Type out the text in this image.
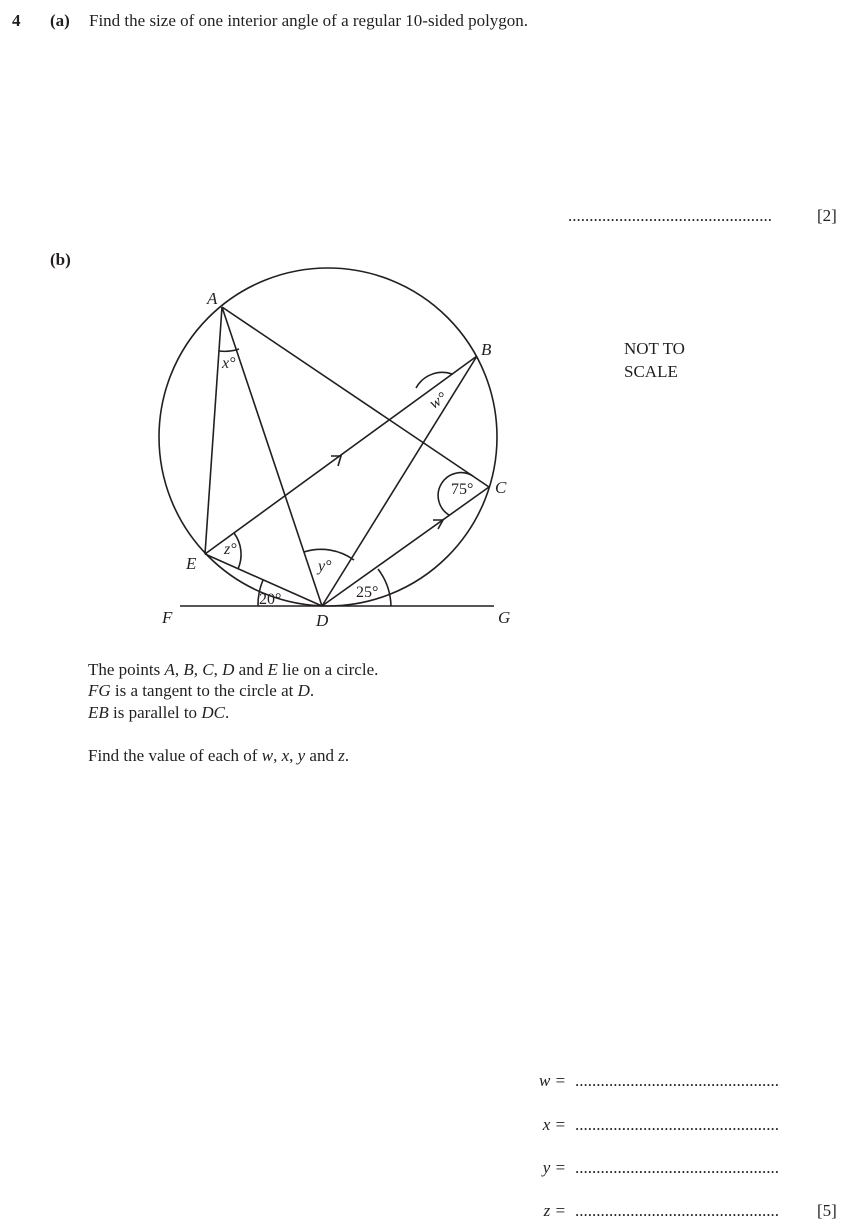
4 (a) Find the size of one interior angle of a regular 10-sided polygon.
................................................	[2]
(b)
NOT TO
SCALE
A
B
C
E
D
F	G
x°
w°
75°
z°
y°
20°	25°
The points A, B, C, D and E lie on a circle.
FG is a tangent to the circle at D.
EB is parallel to DC.
Find the value of each of w, x, y and z.
w = ................................................
x = ................................................
y = ................................................
z = ................................................ [5]
